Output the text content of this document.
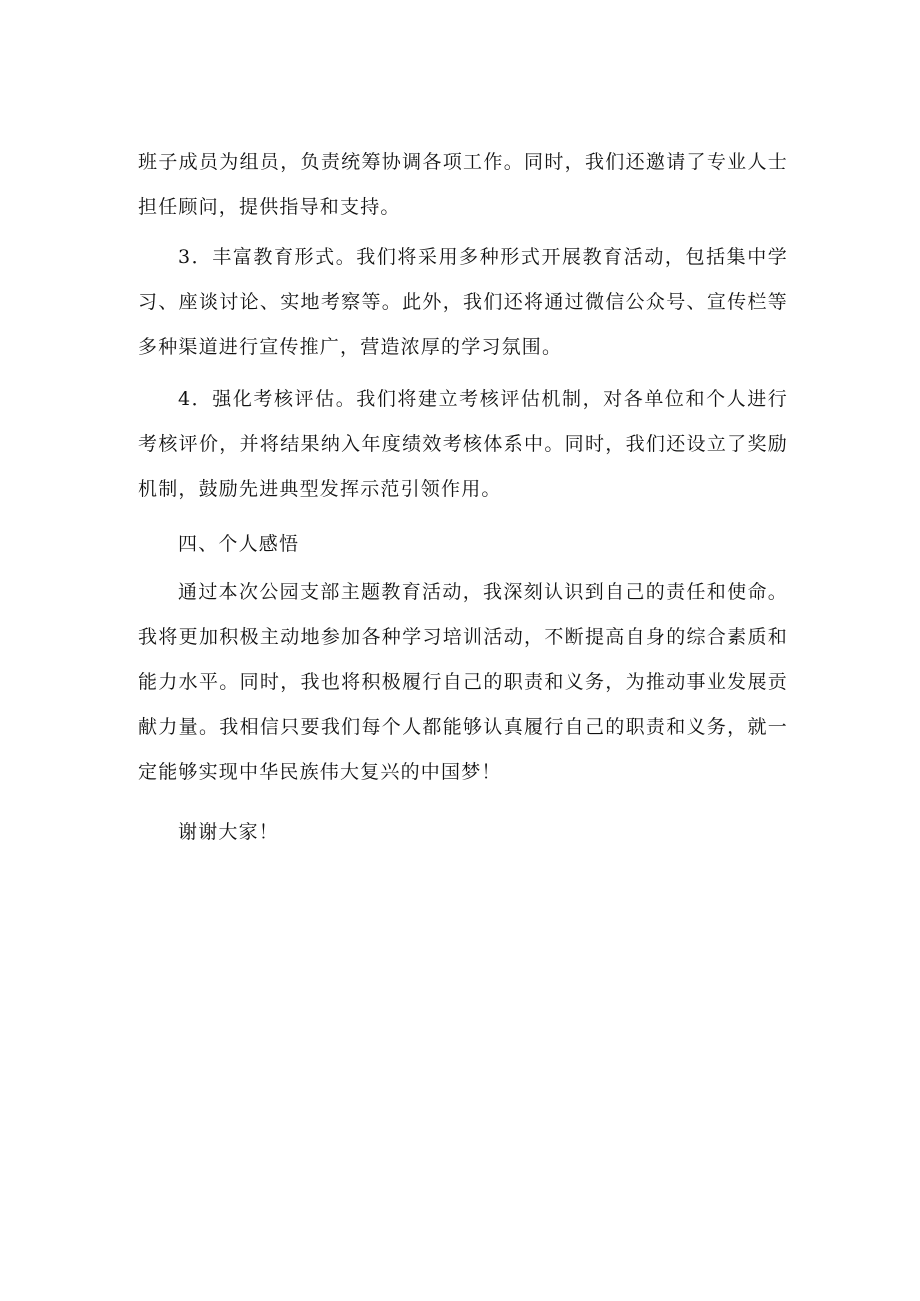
班子成员为组员，负责统筹协调各项工作。同时，我们还邀请了专业人士担任顾问，提供指导和支持。

3．丰富教育形式。我们将采用多种形式开展教育活动，包括集中学习、座谈讨论、实地考察等。此外，我们还将通过微信公众号、宣传栏等多种渠道进行宣传推广，营造浓厚的学习氛围。

4．强化考核评估。我们将建立考核评估机制，对各单位和个人进行考核评价，并将结果纳入年度绩效考核体系中。同时，我们还设立了奖励机制，鼓励先进典型发挥示范引领作用。

四、个人感悟

通过本次公园支部主题教育活动，我深刻认识到自己的责任和使命。我将更加积极主动地参加各种学习培训活动，不断提高自身的综合素质和能力水平。同时，我也将积极履行自己的职责和义务，为推动事业发展贡献力量。我相信只要我们每个人都能够认真履行自己的职责和义务，就一定能够实现中华民族伟大复兴的中国梦！

谢谢大家！
